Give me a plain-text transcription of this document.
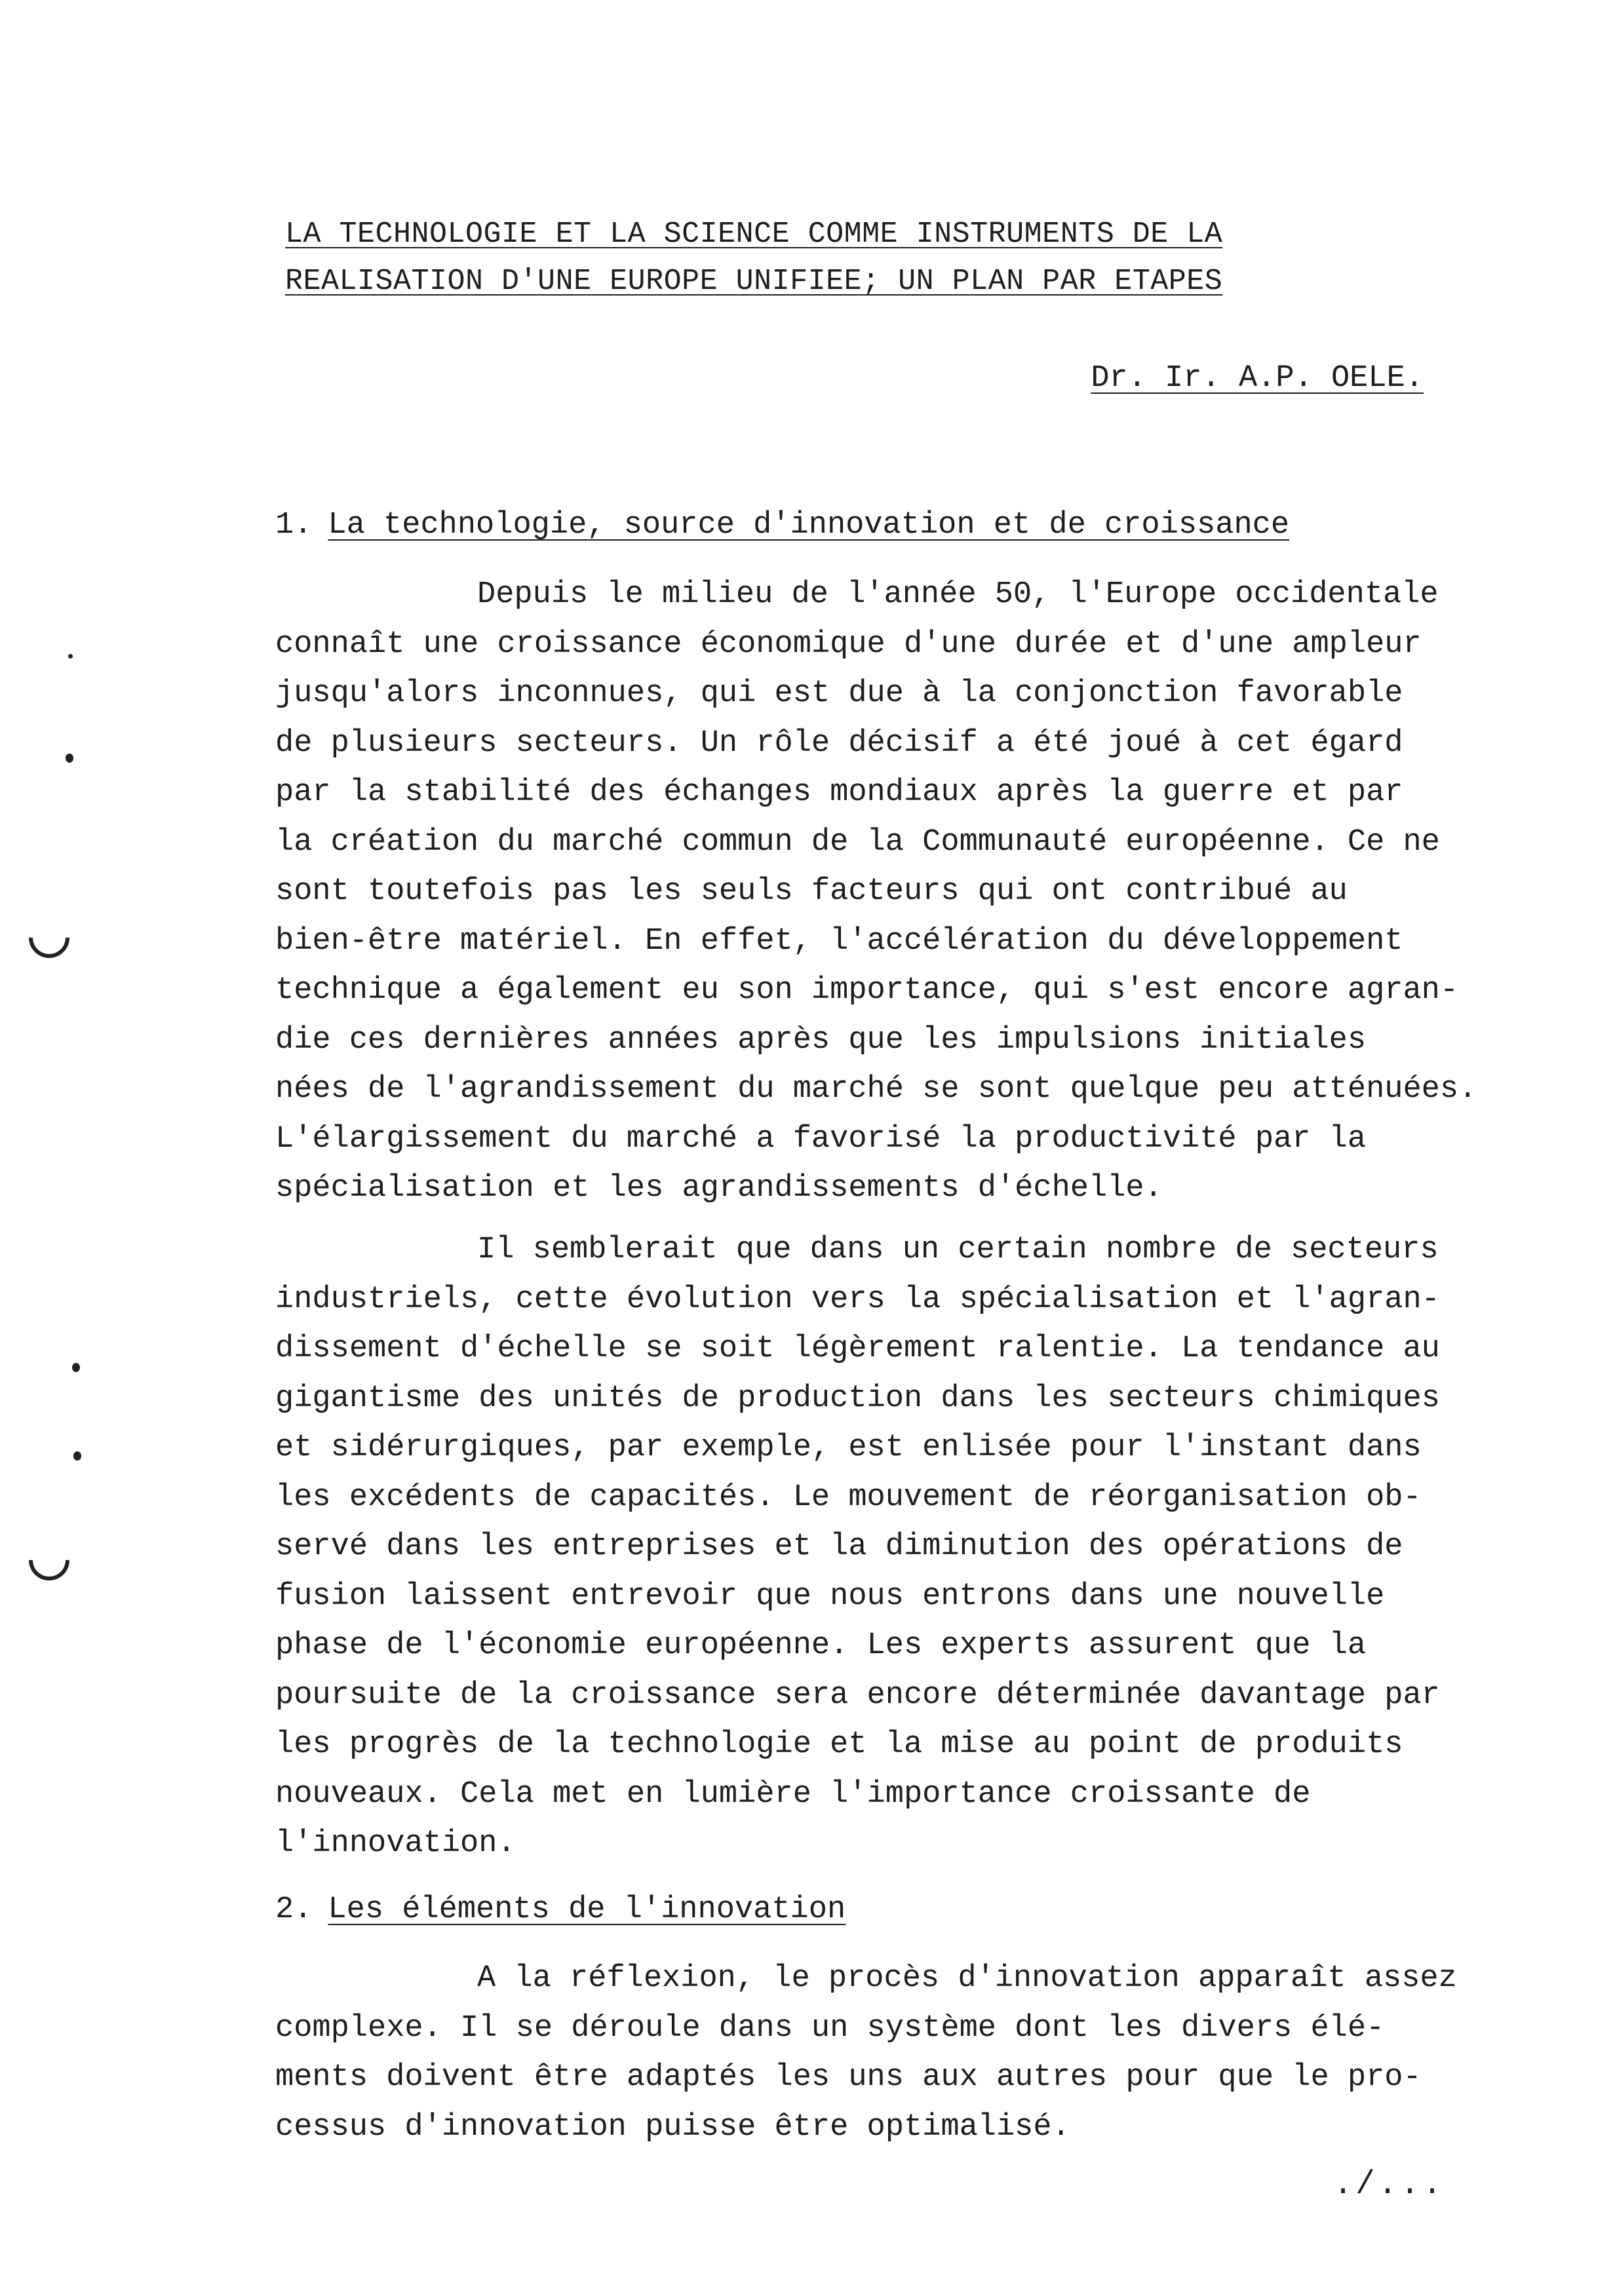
LA TECHNOLOGIE ET LA SCIENCE COMME INSTRUMENTS DE LA
REALISATION D'UNE EUROPE UNIFIEE; UN PLAN PAR ETAPES
Dr. Ir. A.P. OELE.
1. La technologie, source d'innovation et de croissance
Depuis le milieu de l'année 50, l'Europe occidentale
connaît une croissance économique d'une durée et d'une ampleur
jusqu'alors inconnues, qui est due à la conjonction favorable
de plusieurs secteurs. Un rôle décisif a été joué à cet égard
par la stabilité des échanges mondiaux après la guerre et par
la création du marché commun de la Communauté européenne. Ce ne
sont toutefois pas les seuls facteurs qui ont contribué au
bien-être matériel. En effet, l'accélération du développement
technique a également eu son importance, qui s'est encore agran-
die ces dernières années après que les impulsions initiales
nées de l'agrandissement du marché se sont quelque peu atténuées.
L'élargissement du marché a favorisé la productivité par la
spécialisation et les agrandissements d'échelle.
Il semblerait que dans un certain nombre de secteurs
industriels, cette évolution vers la spécialisation et l'agran-
dissement d'échelle se soit légèrement ralentie. La tendance au
gigantisme des unités de production dans les secteurs chimiques
et sidérurgiques, par exemple, est enlisée pour l'instant dans
les excédents de capacités. Le mouvement de réorganisation ob-
servé dans les entreprises et la diminution des opérations de
fusion laissent entrevoir que nous entrons dans une nouvelle
phase de l'économie européenne. Les experts assurent que la
poursuite de la croissance sera encore déterminée davantage par
les progrès de la technologie et la mise au point de produits
nouveaux. Cela met en lumière l'importance croissante de
l'innovation.
2. Les éléments de l'innovation
A la réflexion, le procès d'innovation apparaît assez
complexe. Il se déroule dans un système dont les divers élé-
ments doivent être adaptés les uns aux autres pour que le pro-
cessus d'innovation puisse être optimalisé.
./...
